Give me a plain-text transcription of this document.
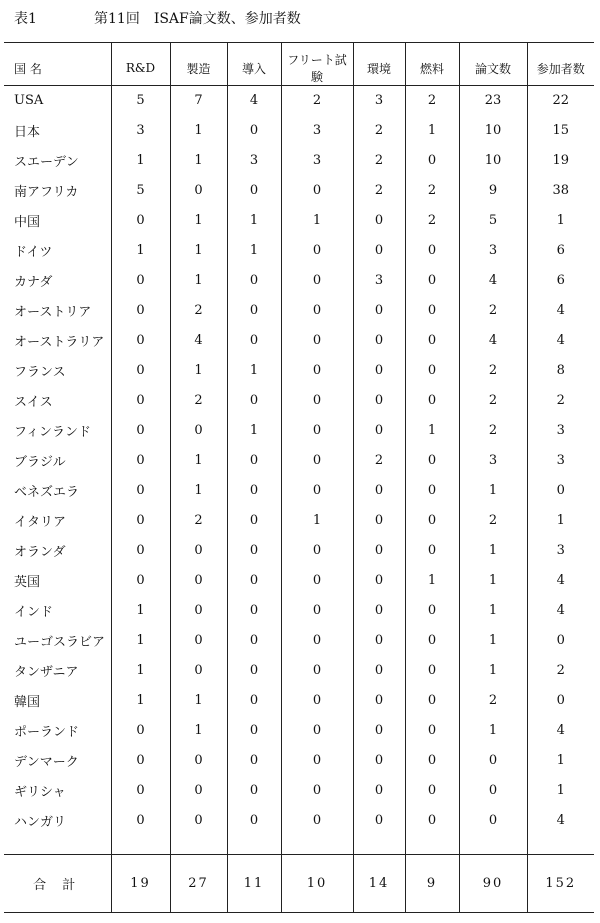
表1	第11回　ISAF論文数、参加者数
国 名	R&D	製造	導入	フリート試験	環境	燃料	論文数	参加者数
USA	5	7	4	2	3	2	23	22
日本	3	1	0	3	2	1	10	15
スエーデン	1	1	3	3	2	0	10	19
南アフリカ	5	0	0	0	2	2	9	38
中国	0	1	1	1	0	2	5	1
ドイツ	1	1	1	0	0	0	3	6
カナダ	0	1	0	0	3	0	4	6
オーストリア	0	2	0	0	0	0	2	4
オーストラリア	0	4	0	0	0	0	4	4
フランス	0	1	1	0	0	0	2	8
スイス	0	2	0	0	0	0	2	2
フィンランド	0	0	1	0	0	1	2	3
ブラジル	0	1	0	0	2	0	3	3
ベネズエラ	0	1	0	0	0	0	1	0
イタリア	0	2	0	1	0	0	2	1
オランダ	0	0	0	0	0	0	1	3
英国	0	0	0	0	0	1	1	4
インド	1	0	0	0	0	0	1	4
ユーゴスラビア	1	0	0	0	0	0	1	0
タンザニア	1	0	0	0	0	0	1	2
韓国	1	1	0	0	0	0	2	0
ポーランド	0	1	0	0	0	0	1	4
デンマーク	0	0	0	0	0	0	0	1
ギリシャ	0	0	0	0	0	0	0	1
ハンガリ	0	0	0	0	0	0	0	4

合 計	19	27	11	10	14	9	90	152
